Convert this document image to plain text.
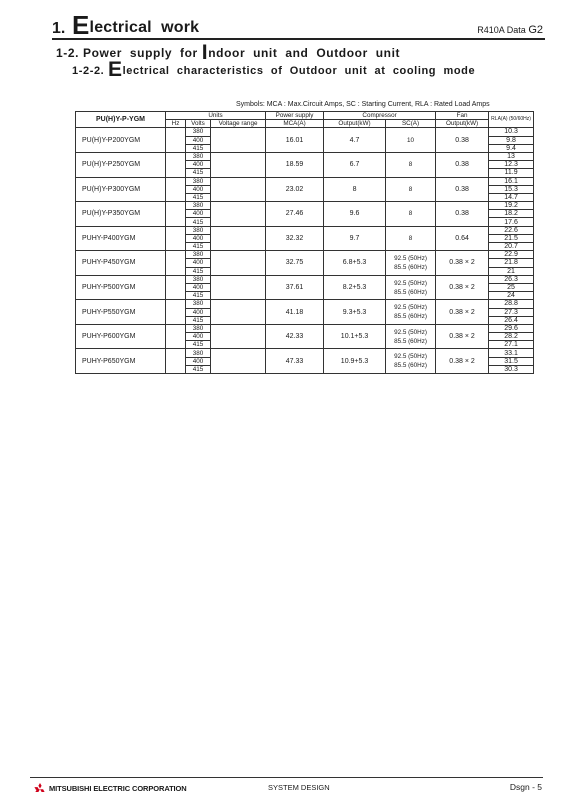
1. Electrical  work	R410A Data G2
1-2. Power  supply  for Indoor  unit  and  Outdoor  unit
1-2-2. Electrical  characteristics  of  Outdoor  unit  at  cooling  mode
Symbols: MCA : Max.Circuit Amps, SC : Starting Current, RLA : Rated Load Amps
PU(H)Y-P-YGM	Units			Power supply	Compressor		Fan	RLA(A) (50/60Hz)
	Hz	Volts	Voltage range	MCA(A)	Output(kW)	SC(A)	Output(kW)	
PU(H)Y-P200YGM		380		16.01	4.7	10	0.38	10.3
		400						9.8
		415						9.4
PU(H)Y-P250YGM		380		18.59	6.7	8	0.38	13
		400						12.3
		415						11.9
PU(H)Y-P300YGM		380		23.02	8	8	0.38	16.1
		400						15.3
		415						14.7
PU(H)Y-P350YGM		380		27.46	9.6	8	0.38	19.2
		400						18.2
		415						17.6
PUHY-P400YGM		380		32.32	9.7	8	0.64	22.6
		400						21.5
		415						20.7
PUHY-P450YGM		380		32.75	6.8+5.3	92.5 (50Hz)
85.5 (60Hz)	0.38 × 2	22.9
		400						21.8
		415						21
PUHY-P500YGM		380		37.61	8.2+5.3	92.5 (50Hz)
85.5 (60Hz)	0.38 × 2	26.3
		400						25
		415						24
PUHY-P550YGM		380		41.18	9.3+5.3	92.5 (50Hz)
85.5 (60Hz)	0.38 × 2	28.8
		400						27.3
		415						26.4
PUHY-P600YGM		380		42.33	10.1+5.3	92.5 (50Hz)
85.5 (60Hz)	0.38 × 2	29.6
		400						28.2
		415						27.1
PUHY-P650YGM		380		47.33	10.9+5.3	92.5 (50Hz)
85.5 (60Hz)	0.38 × 2	33.1
		400						31.5
		415						30.3
MITSUBISHI ELECTRIC CORPORATION	SYSTEM DESIGN	Dsgn - 5
